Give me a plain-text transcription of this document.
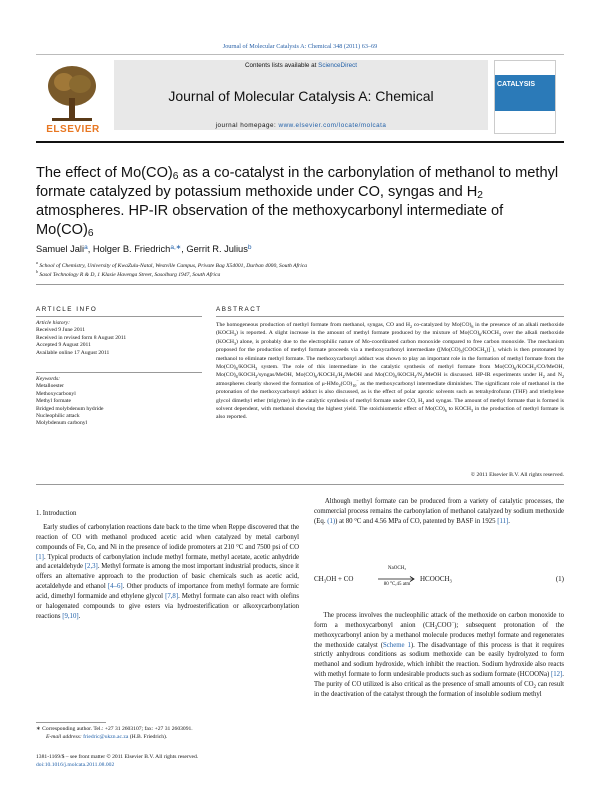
Journal of Molecular Catalysis A: Chemical 348 (2011) 63–69
ELSEVIER
Contents lists available at ScienceDirect
Journal of Molecular Catalysis A: Chemical
journal homepage: www.elsevier.com/locate/molcata
CATALYSIS
The effect of $Mo(CO)_6$ as a co-catalyst in the carbonylation of methanol to methyl
formate catalyzed by potassium methoxide under CO, syngas and $H_2$
atmospheres. HP-IR observation of the methoxycarbonyl intermediate of
$Mo(CO)_6$
Samuel Jali$^a$, Holger B. Friedrich$^{a,∗}$, Gerrit R. Julius$^b$
$^a$ School of Chemistry, University of KwaZulu-Natal, Westville Campus, Private Bag X54001, Durban 4000, South Africa
$^b$ Sasol Technology R & D, 1 Klasie Havenga Street, Sasolburg 1947, South Africa
ARTICLE INFO
Article history:
Received 9 June 2011
Received in revised form 8 August 2011
Accepted 9 August 2011
Available online 17 August 2011
Keywords:
Metalloester
Methoxycarbonyl
Methyl formate
Bridged molybdenum hydride
Nucleophilic attack
Molybdenum carbonyl
ABSTRACT
The homogeneous production of methyl formate from methanol, syngas, CO and $H_2$ co-catalyzed by $Mo(CO)_6$ in the presence of an alkali methoxide $(KOCH_3)$ is reported. A slight increase in the amount of methyl formate produced by the mixture of $Mo(CO)_6/KOCH_3$ over the alkali methoxide $(KOCH_3)$ alone, is probably due to the electrophilic nature of Mo-coordinated carbon monoxide compared to free carbon monoxide. The mechanism proposed for the production of methyl formate proceeds via a methoxycarbonyl intermediate $([Mo(CO)_5(COOCH_3)]^-)$, which is then protonated by methanol to eliminate methyl formate. The methoxycarbonyl adduct was shown to play an important role in the formation of methyl formate from the $Mo(CO)_6/KOCH_3$ system. The role of this intermediate in the catalytic synthesis of methyl formate from $Mo(CO)_6/KOCH_3/CO$/MeOH, $Mo(CO)_6/KOCH_3/syngas$/MeOH, $Mo(CO)_6/KOCH_3/H_2$/MeOH and $Mo(CO)_6/KOCH_3/N_2$/MeOH is discussed. HP-IR experiments under $H_2$ and $N_2$ atmospheres clearly showed the formation of $\mu-HMo_2(CO)_{10}^-$ as the methoxycarbonyl intermediate diminishes. The significant role of methanol in the protonation of the methoxycarbonyl adduct is also discussed, as is the effect of polar aprotic solvents such as tetrahydrofuran (THF) and triethylene glycol dimethyl ether (triglyme) in the catalytic synthesis of methyl formate under CO, $H_2$ and syngas. The amount of methyl formate that is formed is solvent dependent, with methanol showing the highest yield. The stoichiometric effect of $Mo(CO)_6$ to $KOCH_3$ in the production of methyl formate is also reported.
© 2011 Elsevier B.V. All rights reserved.
1. Introduction
Early studies of carbonylation reactions date back to the time when Reppe discovered that the reaction of CO with methanol produced acetic acid when catalyzed by metal carbonyl compounds of Fe, Co, and Ni in the presence of iodide promoters at 210 °C and 7500 psi of CO [1]. Typical products of carbonylation include methyl formate, methyl acetate, acetic anhydride and acetaldehyde [2,3]. Methyl formate is among the most important industrial products, since it offers an alternative approach to the production of basic chemicals such as acetic acid, acetaldehyde and ethanol [4–6]. Other products of importance from methyl formate are formic acid, dimethyl formamide and ethylene glycol [7,8]. Methyl formate can also react with olefins or halogenated compounds to give esters via hydroesterification or alkoxycarbonylation reactions [9,10].
Although methyl formate can be produced from a variety of catalytic processes, the commercial process remains the carbonylation of methanol catalyzed by sodium methoxide (Eq. (1)) at 80 °C and 4.56 MPa of CO, patented by BASF in 1925 [11].
CH₃OH + CO
NaOCH₃
80 °C,45 atm
HCOOCH₃	(1)
The process involves the nucleophilic attack of the methoxide on carbon monoxide to form a methoxycarbonyl anion $(CH_3COO^-)$; subsequent protonation of the methoxycarbonyl anion by a methanol molecule produces methyl formate and regenerates the methoxide catalyst (Scheme 1). The disadvantage of this process is that it requires strictly anhydrous conditions as sodium methoxide can be easily hydrolyzed to form methanol and sodium hydroxide, which inhibit the reaction. Sodium hydroxide also reacts with methyl formate to form undesirable products such as sodium formate (HCOONa) [12]. The purity of CO utilized is also critical as the presence of small amounts of $CO_2$ can result in the deactivation of the catalyst through the formation of insoluble sodium methyl
∗ Corresponding author. Tel.: +27 31 2603107; fax: +27 31 2603091.
E-mail address: friedric@ukzn.ac.za (H.B. Friedrich).
1381-1169/$ – see front matter © 2011 Elsevier B.V. All rights reserved.
doi:10.1016/j.molcata.2011.08.002
